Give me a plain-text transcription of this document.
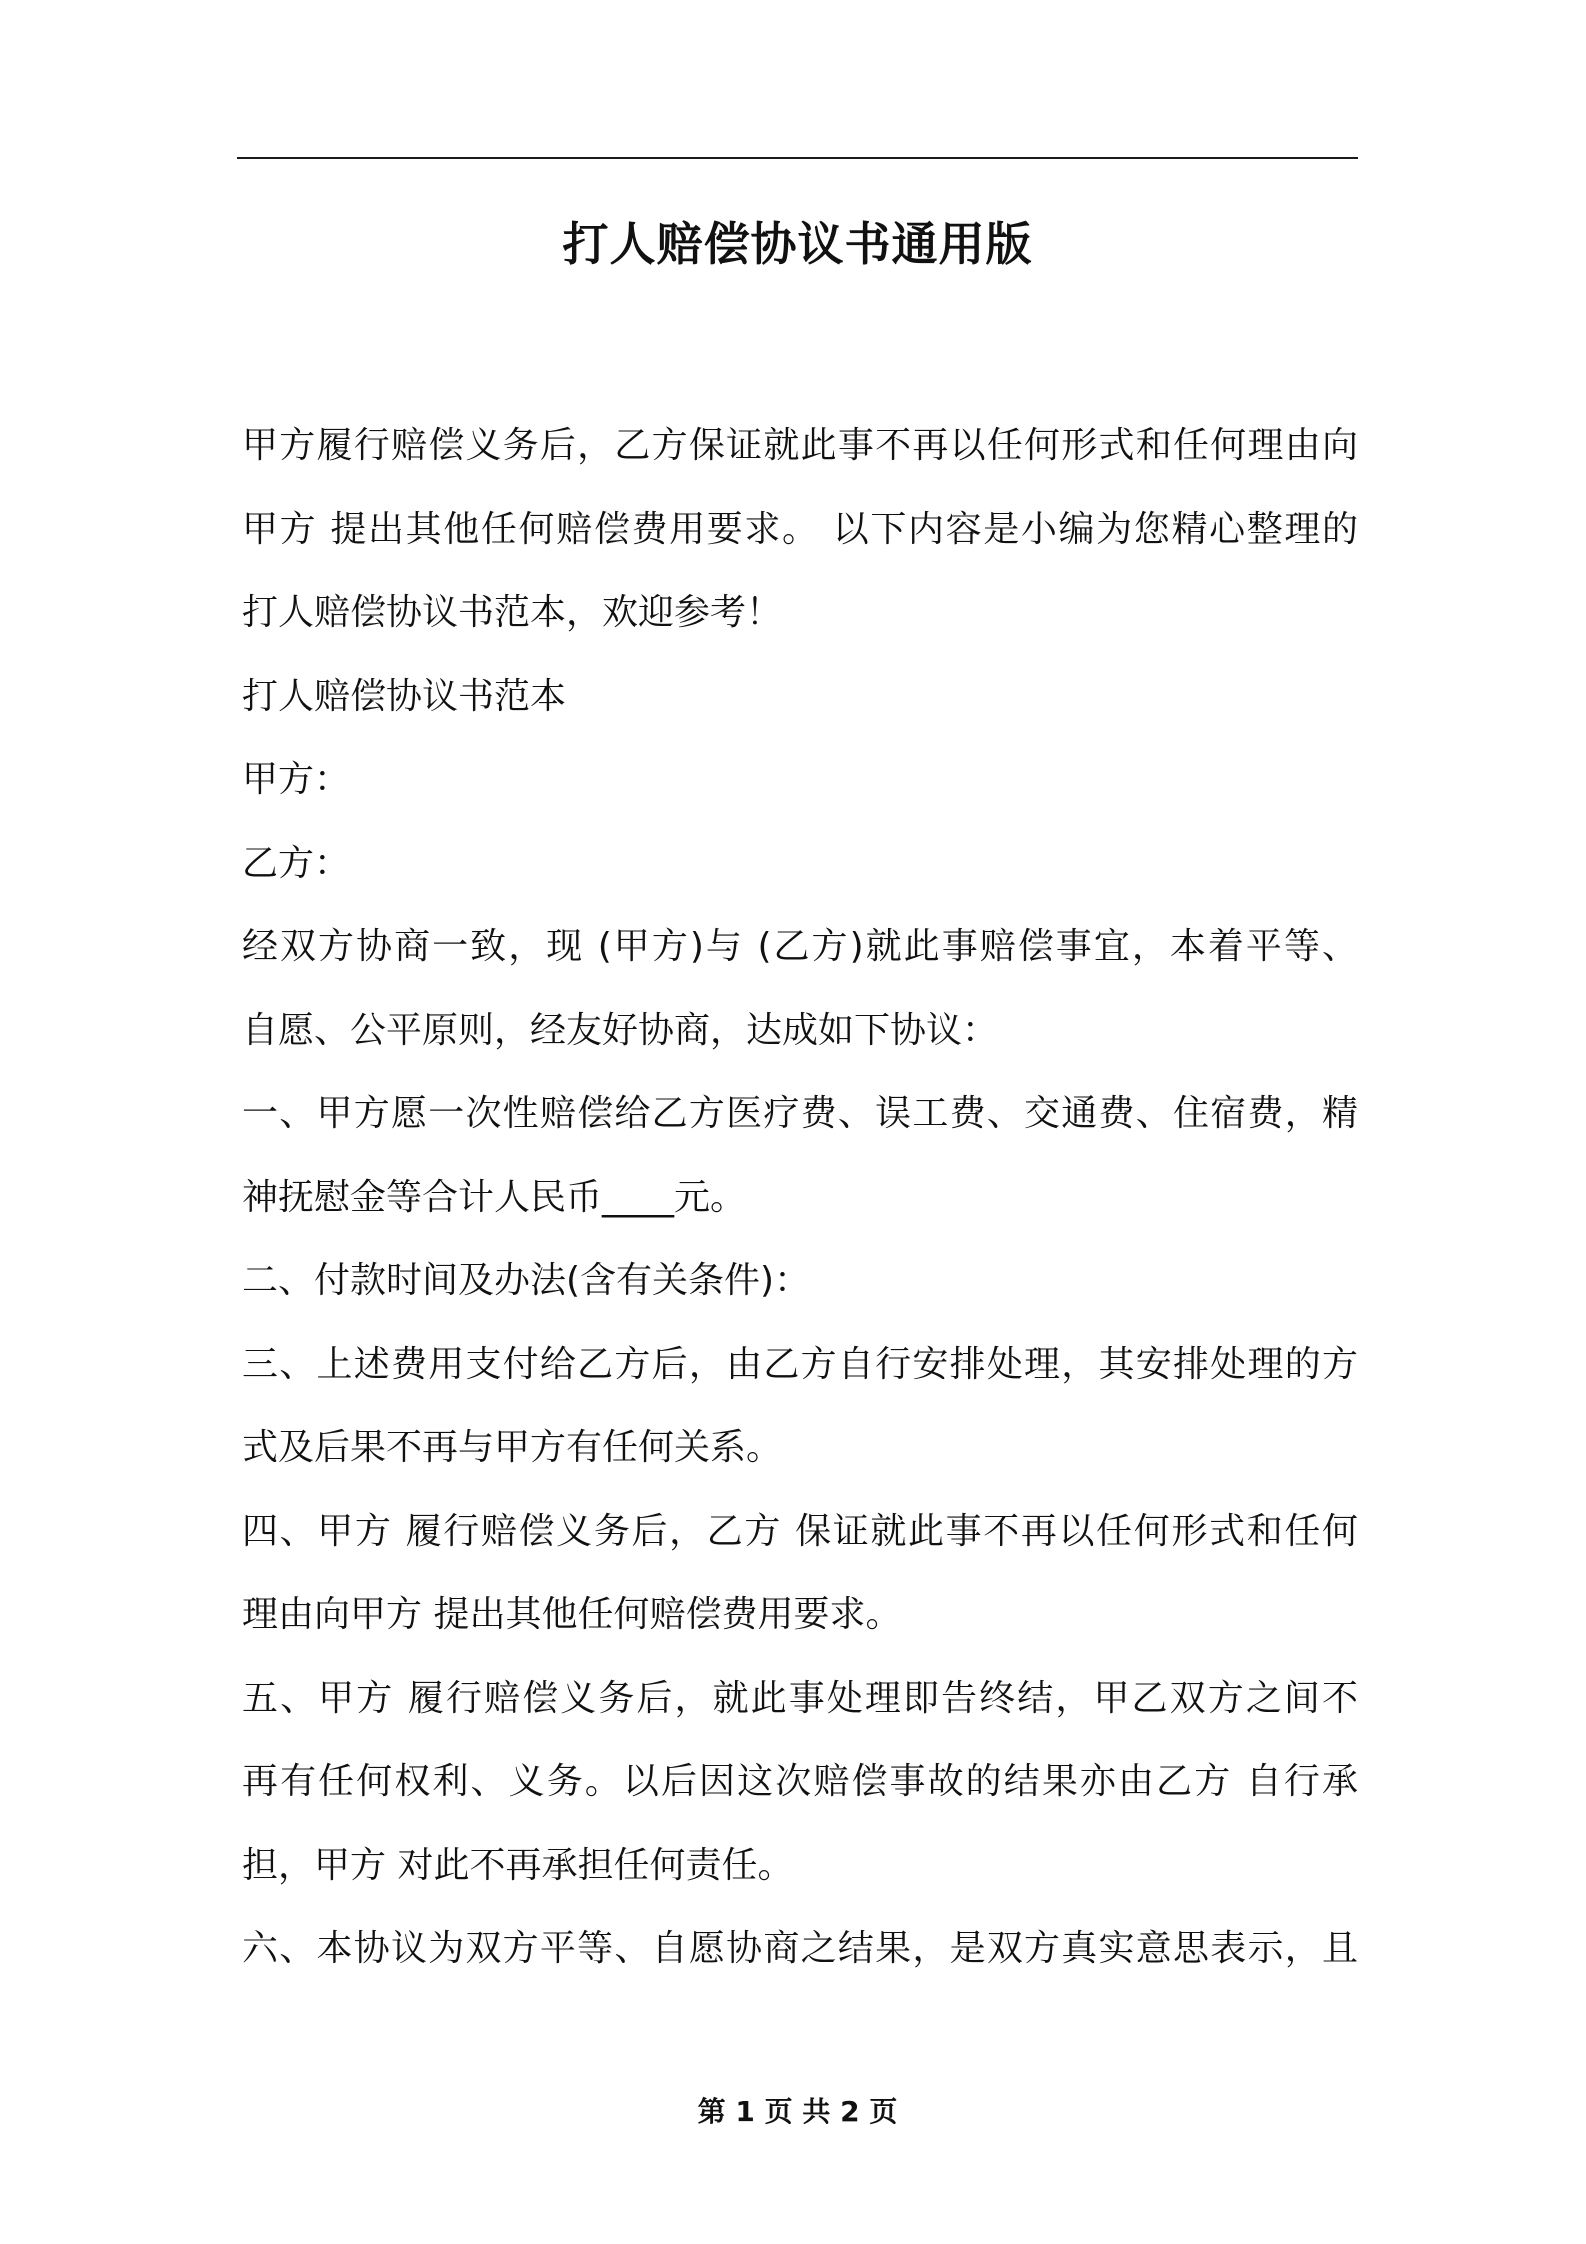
打人赔偿协议书通用版
甲方履行赔偿义务后，乙方保证就此事不再以任何形式和任何理由向
甲方 提出其他任何赔偿费用要求。 以下内容是小编为您精心整理的
打人赔偿协议书范本，欢迎参考！
打人赔偿协议书范本
甲方：
乙方：
经双方协商一致，现 (甲方)与 (乙方)就此事赔偿事宜，本着平等、
自愿、公平原则，经友好协商，达成如下协议：
一、甲方愿一次性赔偿给乙方医疗费、误工费、交通费、住宿费，精
神抚慰金等合计人民币____元。
二、付款时间及办法(含有关条件)：
三、上述费用支付给乙方后，由乙方自行安排处理，其安排处理的方
式及后果不再与甲方有任何关系。
四、甲方 履行赔偿义务后，乙方 保证就此事不再以任何形式和任何
理由向甲方 提出其他任何赔偿费用要求。
五、甲方 履行赔偿义务后，就此事处理即告终结，甲乙双方之间不
再有任何权利、义务。以后因这次赔偿事故的结果亦由乙方 自行承
担，甲方 对此不再承担任何责任。
六、本协议为双方平等、自愿协商之结果，是双方真实意思表示，且
第 1 页 共 2 页
